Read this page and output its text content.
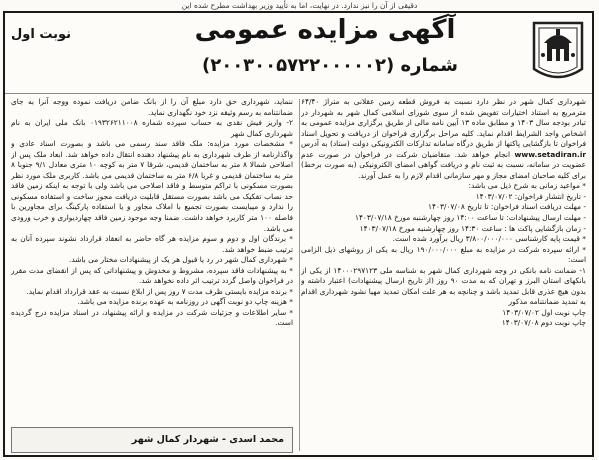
دقیقی از آن را نیز ندارد. در نهایت، اما به تأیید وزیر بهداشت مطرح شده این
نوبت اول	آگهی مزایده عمومی
شماره (۲۰۰۳۰۰۵۷۲۲۰۰۰۰۰۲)

شهرداری کمال شهر در نظر دارد نسبت به فروش قطعه زمین عقلانی به متراژ ۶۴/۴۰ مترمربع به استناد اختیارات تفویض شده از سوی شورای اسلامی کمال شهر به شهردار در تبادر بودجه سال ۱۴۰۳ و مطابق ماده ۱۳ آیین نامه مالی از طریق برگزاری مزایده عمومی به اشخاص واجد الشرایط اقدام نماید. کلیه مراحل برگزاری فراخوان از دریافت و تحویل اسناد فراخوان تا بازگشایی پاکتها از طریق درگاه سامانه تدارکات الکترونیکی دولت (ستاد) به آدرس www.setadiran.ir انجام خواهد شد. متقاضیان شرکت در فراخوان در صورت عدم عضویت در سامانه، نسبت به ثبت نام و دریافت گواهی امضای الکترونیکی (به صورت برخط) برای کلیه صاحبان امضای مجاز و مهر سازمانی اقدام لازم را به عمل آورند.

* مواعید زمانی به شرح ذیل می باشد:

- تاریخ انتشار فراخوان: ۱۴۰۳/۰۷/۰۲

- مهلت دریافت اسناد فراخوان: تا تاریخ ۱۴۰۳/۰۷/۰۸

- مهلت ارسال پیشنهادات: تا ساعت ۱۴:۰۰ روز چهارشنبه مورخ ۱۴۰۳/۰۷/۱۸

- زمان بازگشایی پاکت ها : ساعت ۱۴:۳۰ روز چهارشنبه مورخ ۱۴۰۳/۰۷/۱۸

* قیمت پایه کارشناسی ۳/۸۰۰/۰۰۰/۰۰۰ ریال برآورد شده است.

* ارائه سپرده شرکت در مزایده به مبلغ ۱۹۰/۰۰۰/۰۰۰ ریال به یکی از روشهای ذیل الزامی است:

۱- ضمانت نامه بانکی در وجه شهرداری کمال شهر به شناسه ملی ۱۴۰۰۰۲۹۷۱۲۳ از یکی از بانکهای استان البرز و تهران که به مدت ۹۰ روز (از تاریخ ارسال پیشنهادات) اعتبار داشته و بدون هیچ عذری قابل تمدید باشد و چنانچه به هر علت امکان تمدید مهیا نشود شهرداری اقدام به تمدید ضمانتنامه مذکور

چاپ نوبت اول ۱۴۰۳/۰۷/۰۲

چاپ نوبت دوم ۱۴۰۳/۰۷/۰۸

ننماید، شهرداری حق دارد مبلغ آن را از بانک ضامن دریافت نموده ووجه آنرا به جای ضمانتنامه به رسم وثیقه نزد خود نگهداری نماید.

۲- واریز فیش نقدی به حساب سپرده شماره ۰۱۹۳۲۶۲۱۱۰۰۸ بانک ملی ایران به نام شهرداری کمال شهر

* مشخصات مورد مزایده: ملک فاقد سند رسمی می باشد و بصورت اسناد عادی و واگذارنامه از طرف شهرداری به نام پیشنهاد دهنده انتقال داده خواهد شد. ابعاد ملک پس از اصلاحی شمالا ۸ متر به ساختمان قدیمی، شرقا ۷ متر به کوچه ۱۰ متری معادل ۹/۱ جنوبا ۸ متر به ساختمان قدیمی و غربا ۶/۸ متر به ساختمان قدیمی می باشد. کاربری ملک مورد نظر بصورت مسکونی با تراکم متوسط و فاقد اصلاحی می باشد ولی با توجه به اینکه زمین فاقد حد نصاب تفکیک می باشد بصورت مستقل قابلیت دریافت مجوز ساخت و استفاده مسکونی را ندارد و میبایست بصورت تجمیع با املاک مجاور و یا استفاده پارکینگ برای مجاورین با فاصله ۱۰۰ متر کاربرد خواهد داشت. ضمنا وجه موجود زمین فاقد چهاردیواری و خرب ورودی می باشد.

* برندگان اول و دوم و سوم مزایده هر گاه حاضر به انعقاد قرارداد نشوند سپرده آنان به ترتیب ضبط خواهد شد.

* شهرداری کمال شهر در رد یا قبول هر یک از پیشنهادات مختار می باشد.

* به پیشنهادات فاقد سپرده، مشروط و مخدوش و پیشنهاداتی که پس از انقضای مدت مقرر در فراخوان واصل گردد ترتیب اثر داده نخواهد شد.

* برنده مزایده بایستی ظرف مدت ۷ روز پس از ابلاغ نسبت به عقد قرارداد اقدام نماید.

* هزینه چاپ دو نوبت آگهی در روزنامه به عهده برنده مزایده می باشد.

* سایر اطلاعات و جزئیات شرکت در مزایده و ارائه پیشنهاد، در اسناد مزایده درج گردیده است.

محمد اسدی - شهردار کمال شهر
